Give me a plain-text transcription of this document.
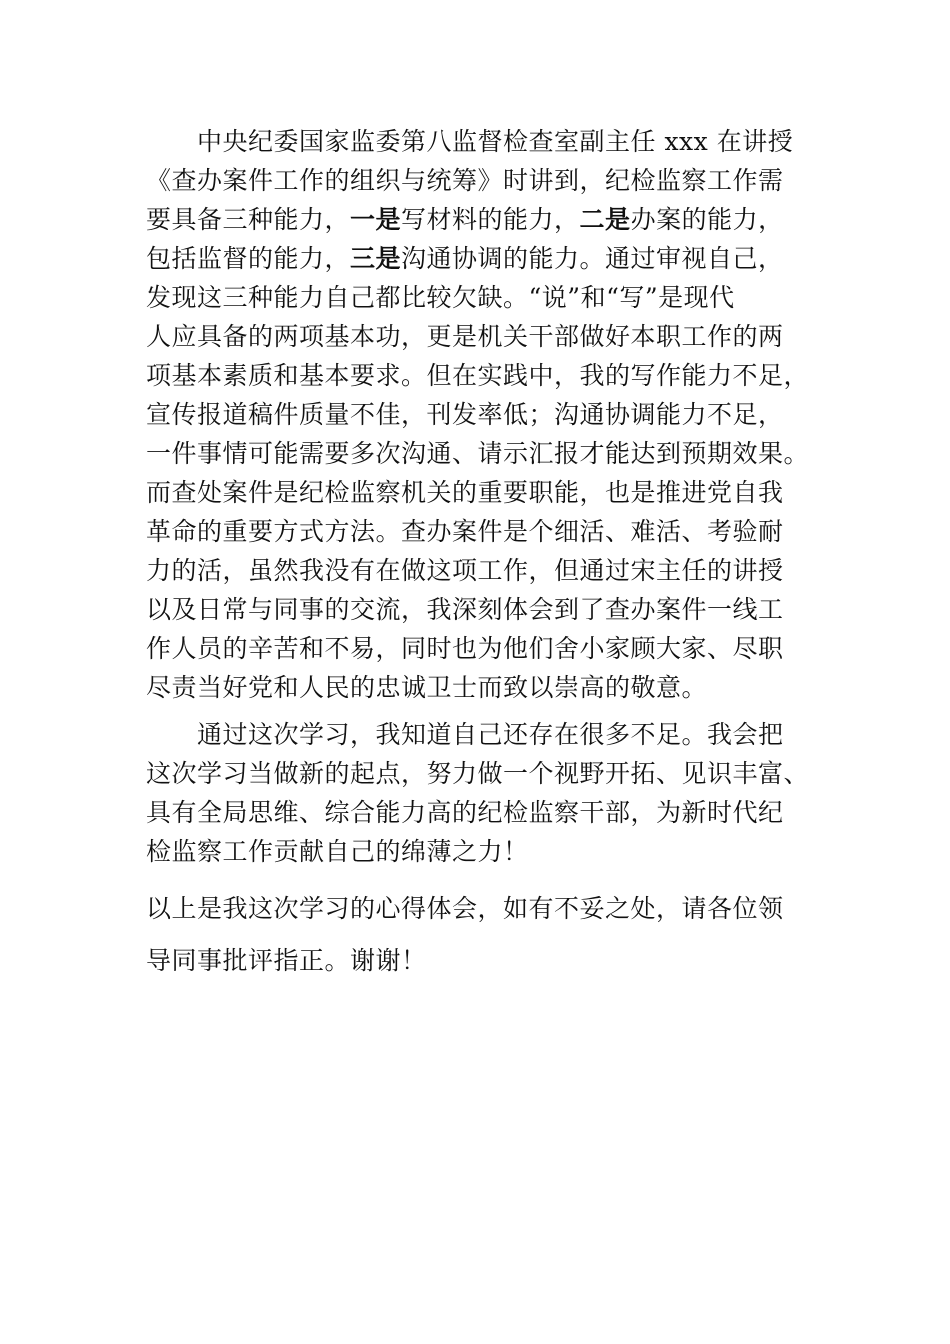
中央纪委国家监委第八监督检查室副主任 xxx 在讲授
《查办案件工作的组织与统筹》时讲到，纪检监察工作需
要具备三种能力，一是写材料的能力，二是办案的能力，
包括监督的能力，三是沟通协调的能力。通过审视自己，
发现这三种能力自己都比较欠缺。“说”和“写”是现代
人应具备的两项基本功，更是机关干部做好本职工作的两
项基本素质和基本要求。但在实践中，我的写作能力不足，
宣传报道稿件质量不佳，刊发率低；沟通协调能力不足，
一件事情可能需要多次沟通、请示汇报才能达到预期效果。
而查处案件是纪检监察机关的重要职能，也是推进党自我
革命的重要方式方法。查办案件是个细活、难活、考验耐
力的活，虽然我没有在做这项工作，但通过宋主任的讲授
以及日常与同事的交流，我深刻体会到了查办案件一线工
作人员的辛苦和不易，同时也为他们舍小家顾大家、尽职
尽责当好党和人民的忠诚卫士而致以崇高的敬意。
通过这次学习，我知道自己还存在很多不足。我会把
这次学习当做新的起点，努力做一个视野开拓、见识丰富、
具有全局思维、综合能力高的纪检监察干部，为新时代纪
检监察工作贡献自己的绵薄之力！
以上是我这次学习的心得体会，如有不妥之处，请各位领
导同事批评指正。谢谢！
